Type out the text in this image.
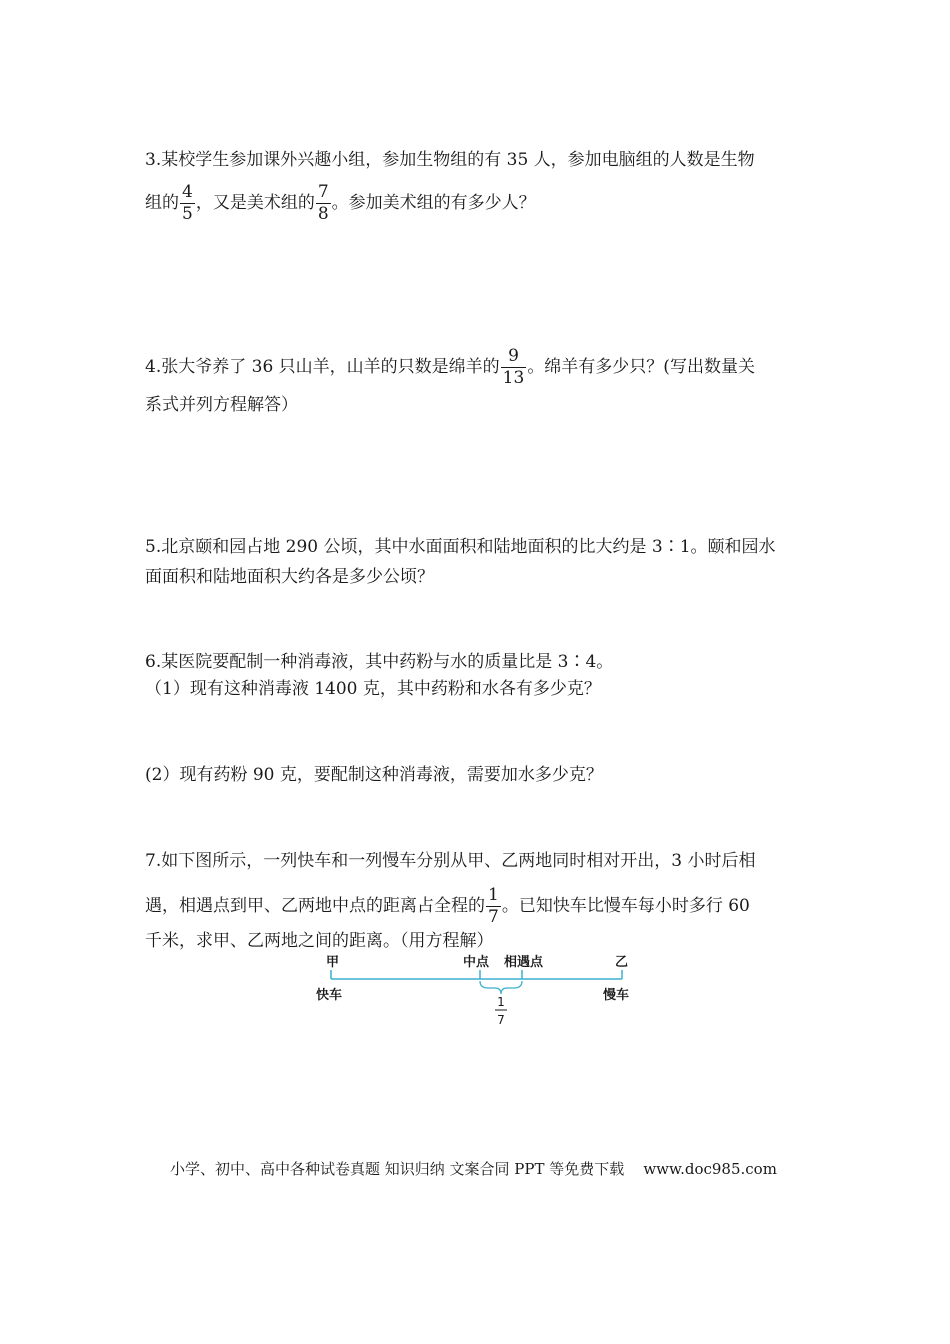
3.某校学生参加课外兴趣小组，参加生物组的有 35 人，参加电脑组的人数是生物
组的 $\frac{4}{5}$ ，又是美术组的 $\frac{7}{8}$ 。参加美术组的有多少人？
4.张大爷养了 36 只山羊，山羊的只数是绵羊的 $\frac{9}{13}$ 。绵羊有多少只？(写出数量关
系式并列方程解答）
5.北京颐和园占地 290 公顷，其中水面面积和陆地面积的比大约是 3∶1。颐和园水
面面积和陆地面积大约各是多少公顷？
6.某医院要配制一种消毒液，其中药粉与水的质量比是 3∶4。
（1）现有这种消毒液 1400 克，其中药粉和水各有多少克？
(2）现有药粉 90 克，要配制这种消毒液，需要加水多少克？
7.如下图所示，一列快车和一列慢车分别从甲、乙两地同时相对开出，3 小时后相
遇，相遇点到甲、乙两地中点的距离占全程的 $\frac{1}{7}$ 。已知快车比慢车每小时多行 60
千米，求甲、乙两地之间的距离。（用方程解）
甲	中点 相遇点	乙
快车	慢车
1
7
小学、初中、高中各种试卷真题 知识归纳 文案合同 PPT 等免费下载 www.doc985.com
